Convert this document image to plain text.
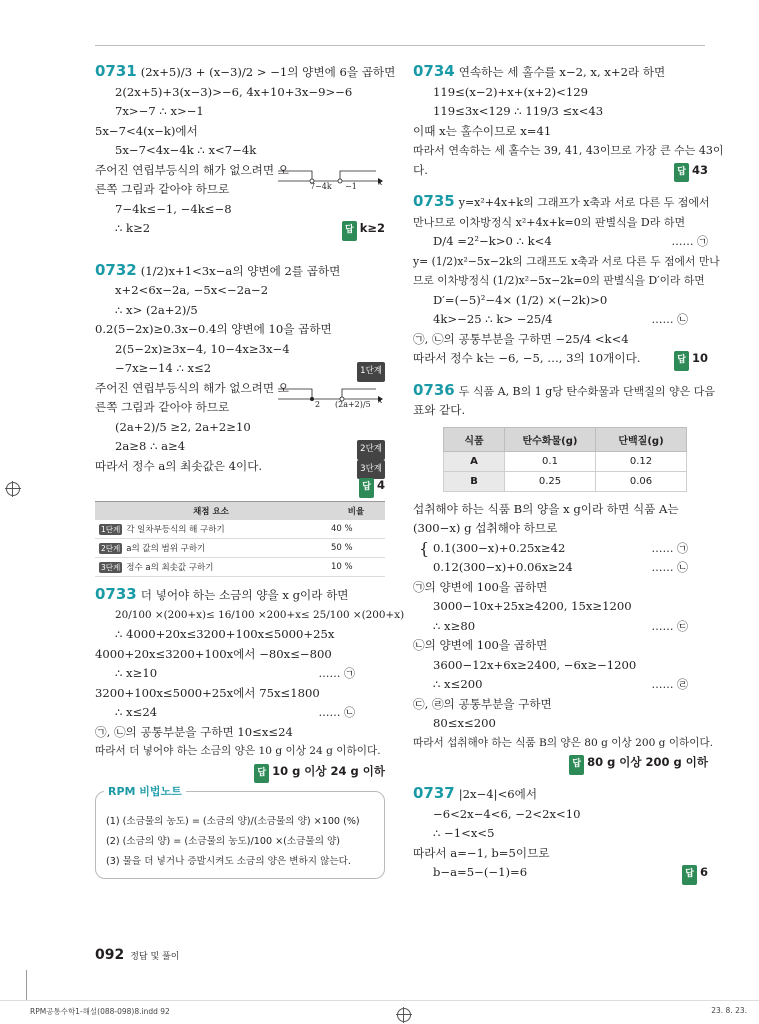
0731 (2x+5)/3 + (x−3)/2 > −1의 양변에 6을 곱하면
2(2x+5)+3(x−3)>−6, 4x+10+3x−9>−6
7x>−7 ∴ x>−1
5x−7<4(x−k)에서
5x−7<4x−4k ∴ x<7−4k
주어진 연립부등식의 해가 없으려면 오
른쪽 그림과 같아야 하므로	7−4k −1	x
7−4k≤−1, −4k≤−8
∴ k≥2	답 k≥2
0732 (1/2)x+1<3x−a의 양변에 2를 곱하면
x+2<6x−2a, −5x<−2a−2
∴ x> (2a+2)/5
0.2(5−2x)≥0.3x−0.4의 양변에 10을 곱하면
2(5−2x)≥3x−4, 10−4x≥3x−4
−7x≥−14 ∴ x≤2	1단계
주어진 연립부등식의 해가 없으려면 오
른쪽 그림과 같아야 하므로	2 (2a+2)/5 x
(2a+2)/5 ≥2, 2a+2≥10
2a≥8 ∴ a≥4	2단계
따라서 정수 a의 최솟값은 4이다.	3단계
답 4
채점 요소	비율
1단계 각 일차부등식의 해 구하기	40 %
2단계 a의 값의 범위 구하기	50 %
3단계 정수 a의 최솟값 구하기	10 %
0733 더 넣어야 하는 소금의 양을 x g이라 하면
20/100 ×(200+x)≤ 16/100 ×200+x≤ 25/100 ×(200+x)
∴ 4000+20x≤3200+100x≤5000+25x
4000+20x≤3200+100x에서 −80x≤−800
∴ x≥10	…… ㉠
3200+100x≤5000+25x에서 75x≤1800
∴ x≤24	…… ㉡
㉠, ㉡의 공통부분을 구하면 10≤x≤24
따라서 더 넣어야 하는 소금의 양은 10 g 이상 24 g 이하이다.
답 10 g 이상 24 g 이하
RPM 비법노트
(1) (소금물의 농도) = (소금의 양)/(소금물의 양) ×100 (%)
(2) (소금의 양) = (소금물의 농도)/100 ×(소금물의 양)
(3) 물을 더 넣거나 증발시켜도 소금의 양은 변하지 않는다.
0734 연속하는 세 홀수를 x−2, x, x+2라 하면
119≤(x−2)+x+(x+2)<129
119≤3x<129 ∴ 119/3 ≤x<43
이때 x는 홀수이므로 x=41
따라서 연속하는 세 홀수는 39, 41, 43이므로 가장 큰 수는 43이
다.	답 43
0735 y=x²+4x+k의 그래프가 x축과 서로 다른 두 점에서
만나므로 이차방정식 x²+4x+k=0의 판별식을 D라 하면
D/4 =2²−k>0 ∴ k<4	…… ㉠
y= (1/2)x²−5x−2k의 그래프도 x축과 서로 다른 두 점에서 만나
므로 이차방정식 (1/2)x²−5x−2k=0의 판별식을 D′이라 하면
D′=(−5)²−4× (1/2) ×(−2k)>0
4k>−25 ∴ k> −25/4	…… ㉡
㉠, ㉡의 공통부분을 구하면 −25/4 <k<4
따라서 정수 k는 −6, −5, …, 3의 10개이다.	답 10
0736 두 식품 A, B의 1 g당 탄수화물과 단백질의 양은 다음
표와 같다.
식품	탄수화물(g)	단백질(g)
A	0.1	0.12
B	0.25	0.06
섭취해야 하는 식품 B의 양을 x g이라 하면 식품 A는
(300−x) g 섭취해야 하므로
{ 0.1(300−x)+0.25x≥42	…… ㉠
0.12(300−x)+0.06x≥24	…… ㉡
㉠의 양변에 100을 곱하면
3000−10x+25x≥4200, 15x≥1200
∴ x≥80	…… ㉢
㉡의 양변에 100을 곱하면
3600−12x+6x≥2400, −6x≥−1200
∴ x≤200	…… ㉣
㉢, ㉣의 공통부분을 구하면
80≤x≤200
따라서 섭취해야 하는 식품 B의 양은 80 g 이상 200 g 이하이다.
답 80 g 이상 200 g 이하
0737 |2x−4|<6에서
−6<2x−4<6, −2<2x<10
∴ −1<x<5
따라서 a=−1, b=5이므로
b−a=5−(−1)=6	답 6
092 정답 및 풀이
RPM공통수학1-해설(088-098)8.indd 92	23. 8. 23.
